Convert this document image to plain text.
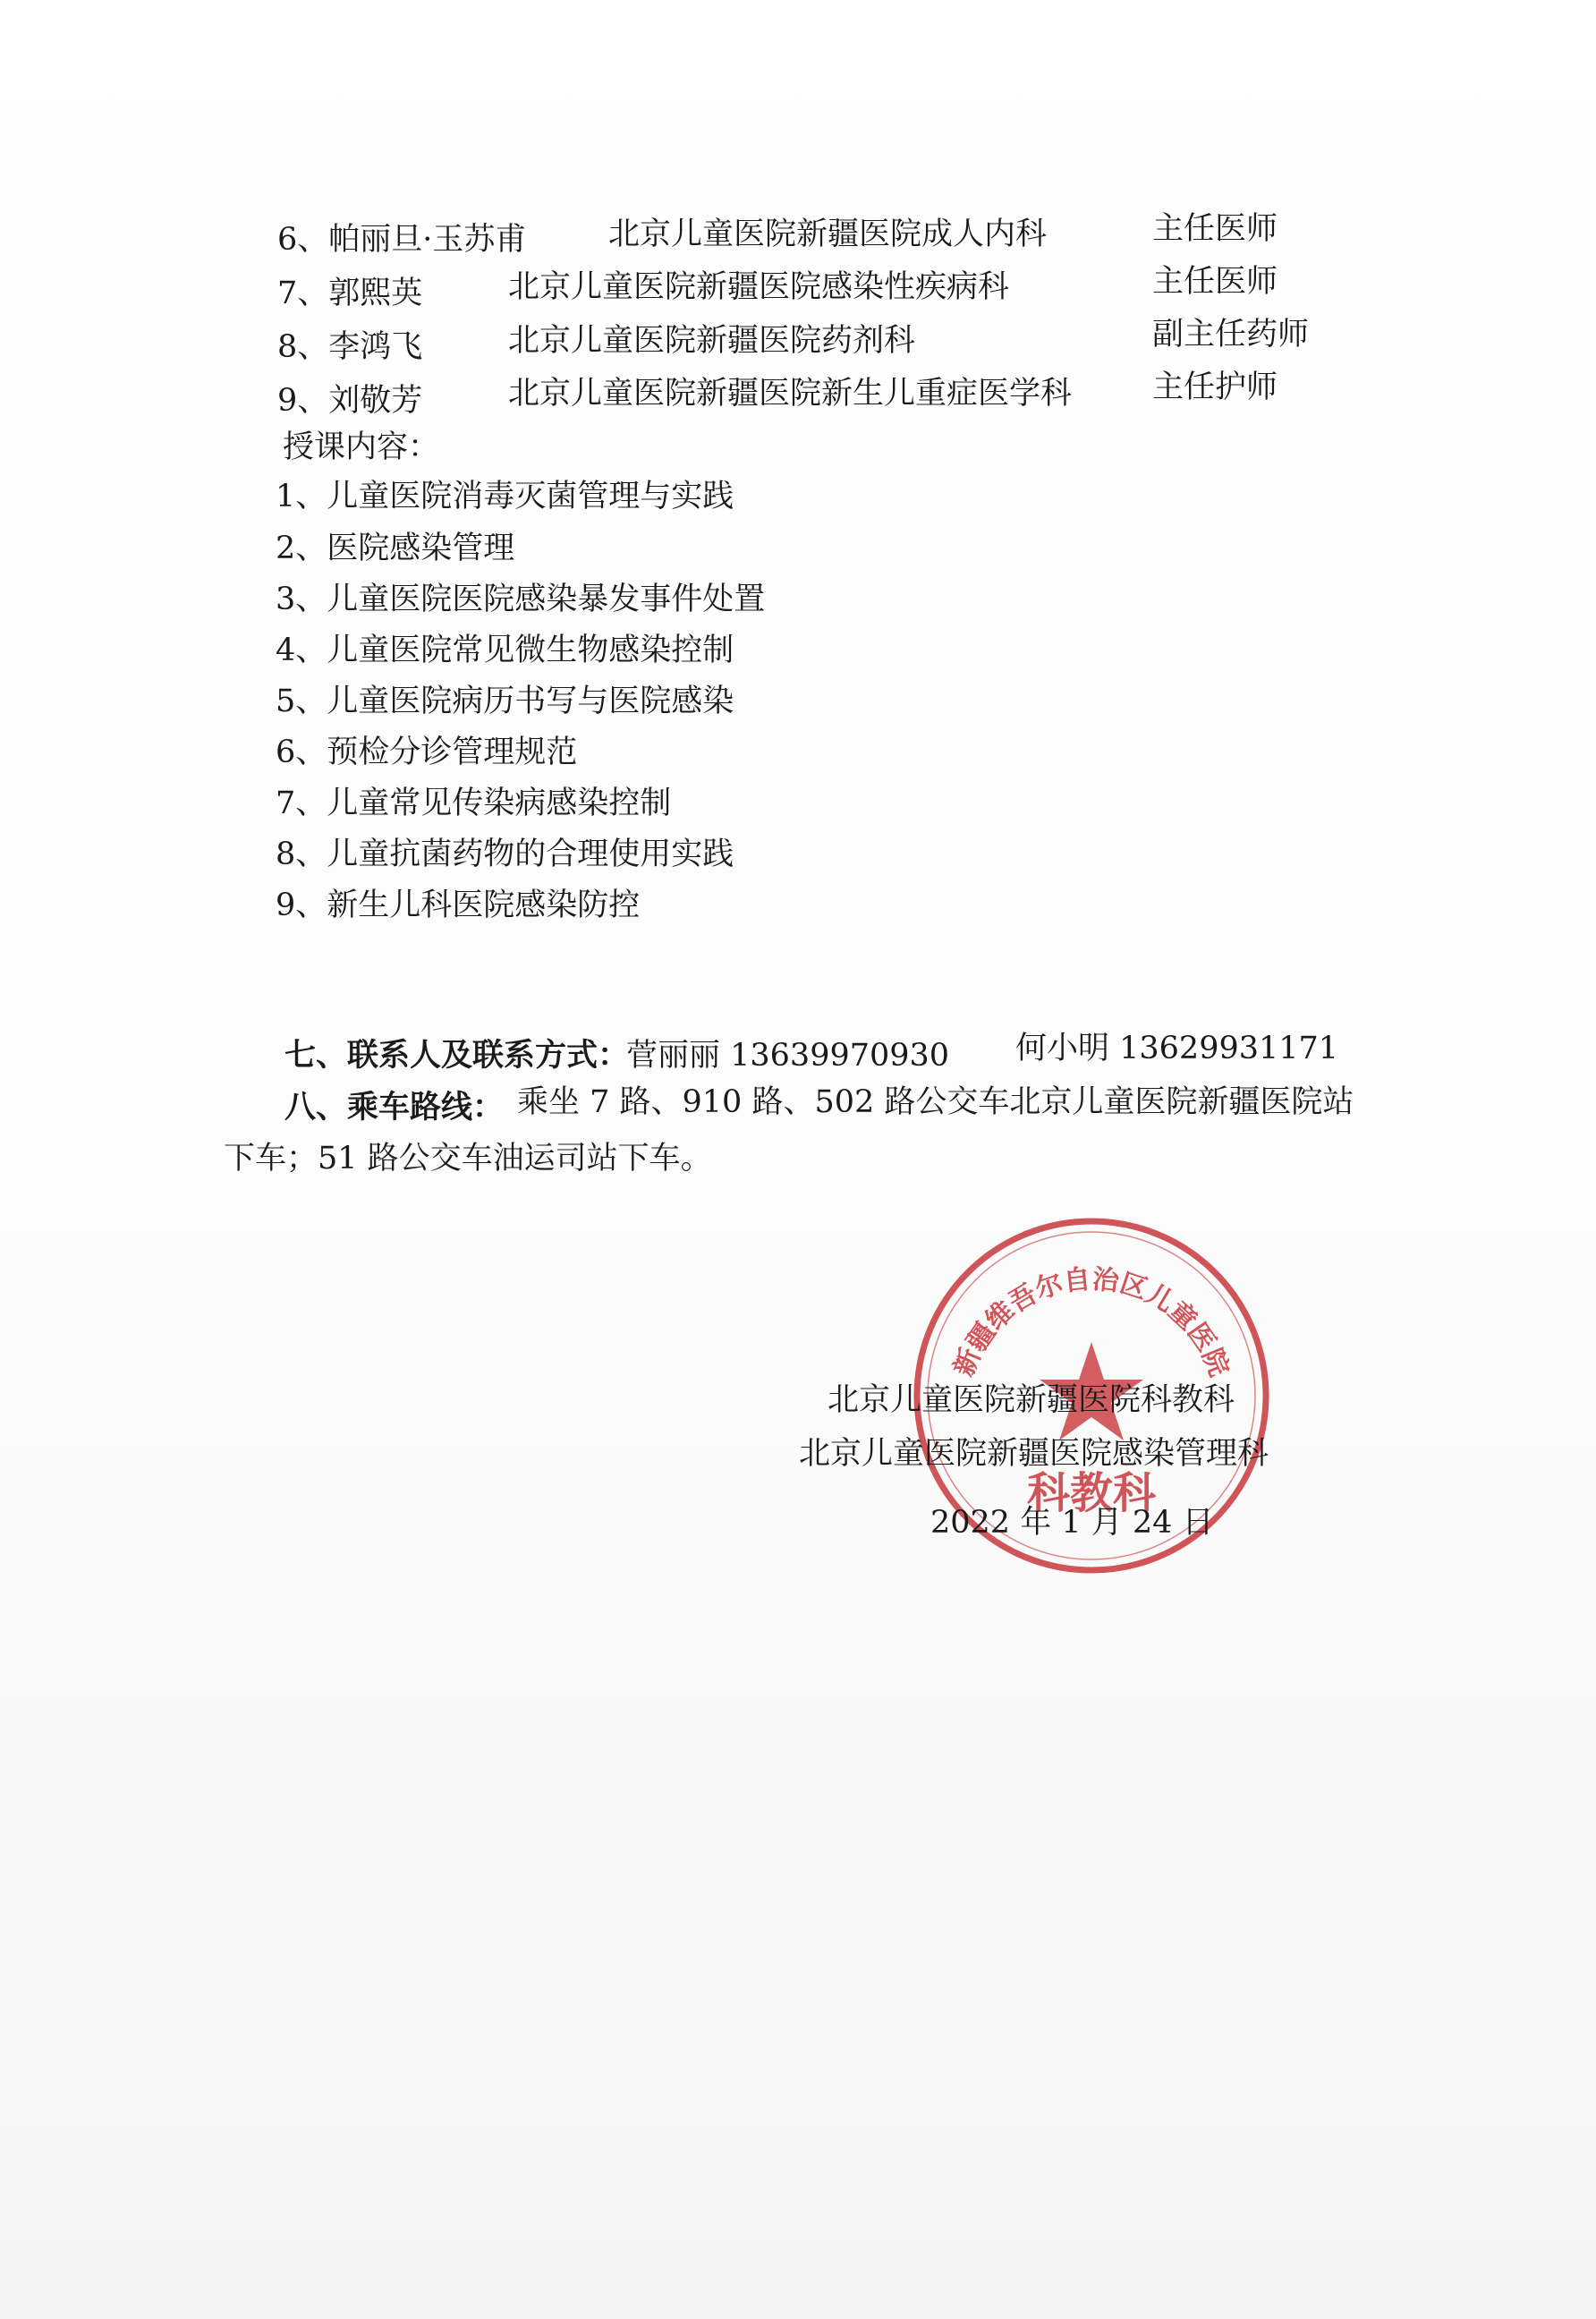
6、帕丽旦·玉苏甫	北京儿童医院新疆医院成人内科	主任医师
7、郭熙英	北京儿童医院新疆医院感染性疾病科	主任医师
8、李鸿飞	北京儿童医院新疆医院药剂科	副主任药师
9、刘敬芳	北京儿童医院新疆医院新生儿重症医学科	主任护师
授课内容：
1、儿童医院消毒灭菌管理与实践
2、医院感染管理
3、儿童医院医院感染暴发事件处置
4、儿童医院常见微生物感染控制
5、儿童医院病历书写与医院感染
6、预检分诊管理规范
7、儿童常见传染病感染控制
8、儿童抗菌药物的合理使用实践
9、新生儿科医院感染防控
七、联系人及联系方式：
菅丽丽 13639970930 何小明 13629931171
八、乘车路线： 乘坐 7 路、910 路、502 路公交车北京儿童医院新疆医院站
下车；51 路公交车油运司站下车。
新疆维吾尔自治区儿童医院
科教科
北京儿童医院新疆医院科教科
北京儿童医院新疆医院感染管理科
2022 年 1 月 24 日
